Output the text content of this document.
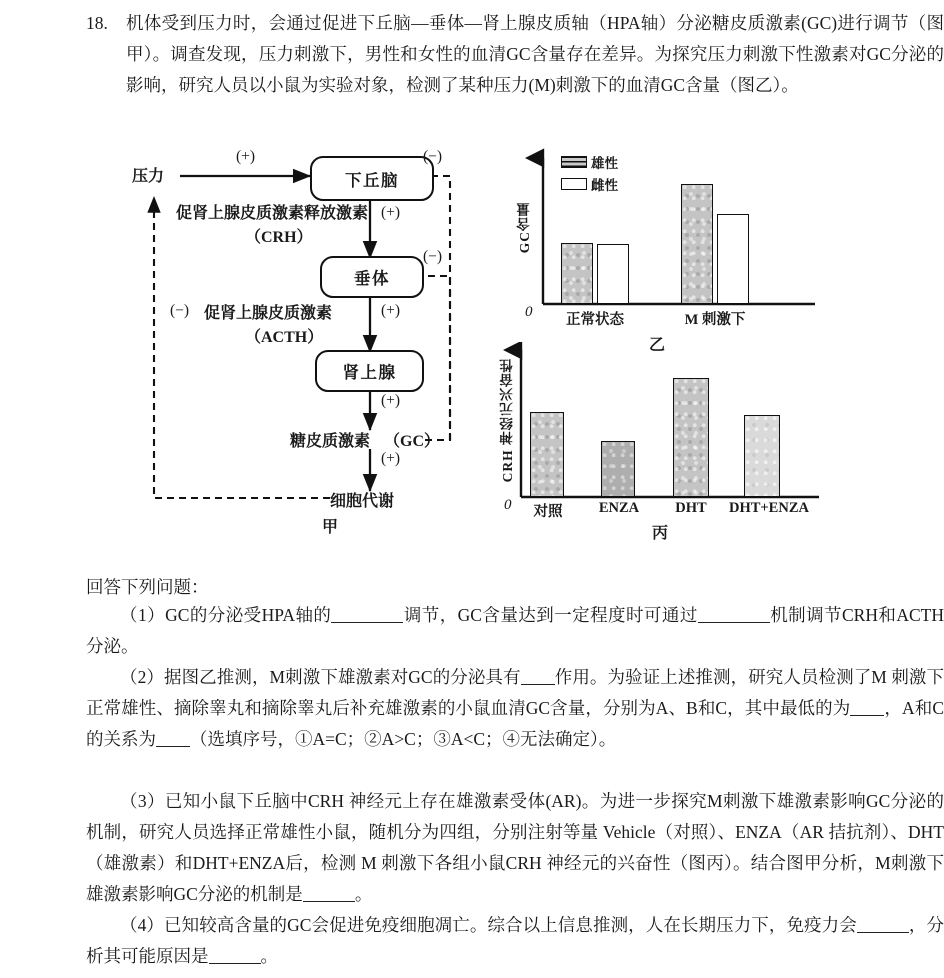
18.	机体受到压力时，会通过促进下丘脑—垂体—肾上腺皮质轴（HPA轴）分泌糖皮质激素(GC)进行调节（图甲）。调查发现，压力刺激下，男性和女性的血清GC含量存在差异。为探究压力刺激下性激素对GC分泌的影响，研究人员以小鼠为实验对象，检测了某种压力(M)刺激下的血清GC含量（图乙）。
压力	下丘脑
垂体
肾上腺
促肾上腺皮质激素释放激素
（CRH）
促肾上腺皮质激素
（ACTH）
糖皮质激素 （GC）
细胞代谢
(+)	(−)
(+)
(−)
(+)
(+)
(+)
(−)
甲
雄性
雌性
GC含量
0	正常状态	M 刺激下
乙
CRH 神经元兴奋性
0	对照	ENZA	DHT	DHT+ENZA
丙
回答下列问题：
（1）GC的分泌受HPA轴的	调节，GC含量达到一定程度时可通过	机制调节CRH和ACTH分泌。
（2）据图乙推测，M刺激下雄激素对GC的分泌具有 作用。为验证上述推测，研究人员检测了M 刺激下正常雄性、摘除睾丸和摘除睾丸后补充雄激素的小鼠血清GC含量，分别为A、B和C，其中最低的为 ，A和C的关系为 （选填序号，①A=C；②A>C；③A<C；④无法确定）。
（3）已知小鼠下丘脑中CRH 神经元上存在雄激素受体(AR)。为进一步探究M刺激下雄激素影响GC分泌的机制，研究人员选择正常雄性小鼠，随机分为四组，分别注射等量 Vehicle（对照）、ENZA（AR 拮抗剂）、DHT（雄激素）和DHT+ENZA后，检测 M 刺激下各组小鼠CRH 神经元的兴奋性（图丙）。结合图甲分析，M刺激下雄激素影响GC分泌的机制是	。
（4）已知较高含量的GC会促进免疫细胞凋亡。综合以上信息推测，人在长期压力下，免疫力会	，分析其可能原因是	。
